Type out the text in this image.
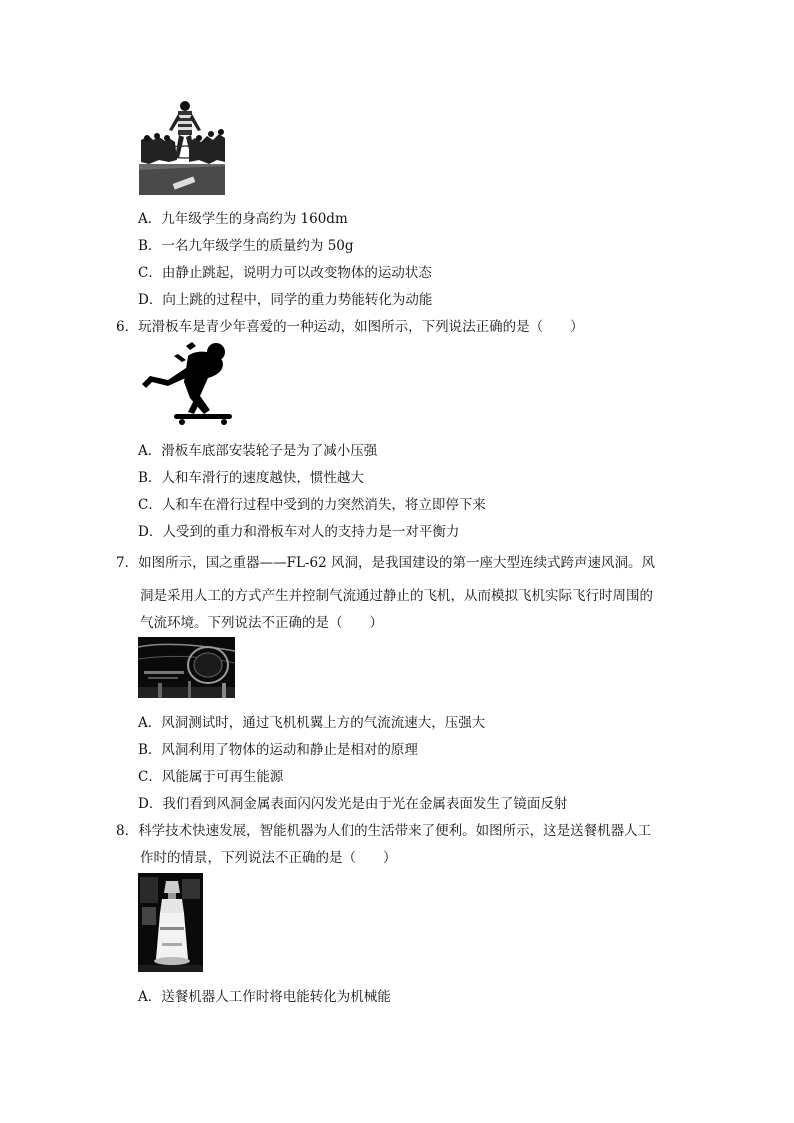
A．九年级学生的身高约为 160dm
B．一名九年级学生的质量约为 50g
C．由静止跳起，说明力可以改变物体的运动状态
D．向上跳的过程中，同学的重力势能转化为动能
6．玩滑板车是青少年喜爱的一种运动，如图所示，下列说法正确的是（　　）
A．滑板车底部安装轮子是为了减小压强
B．人和车滑行的速度越快，惯性越大
C．人和车在滑行过程中受到的力突然消失，将立即停下来
D．人受到的重力和滑板车对人的支持力是一对平衡力
7．如图所示，国之重器——FL-62 风洞，是我国建设的第一座大型连续式跨声速风洞。风
洞是采用人工的方式产生并控制气流通过静止的飞机，从而模拟飞机实际飞行时周围的
气流环境。下列说法不正确的是（　　）
A．风洞测试时，通过飞机机翼上方的气流流速大，压强大
B．风洞利用了物体的运动和静止是相对的原理
C．风能属于可再生能源
D．我们看到风洞金属表面闪闪发光是由于光在金属表面发生了镜面反射
8．科学技术快速发展，智能机器为人们的生活带来了便利。如图所示，这是送餐机器人工
作时的情景，下列说法不正确的是（　　）
A．送餐机器人工作时将电能转化为机械能
